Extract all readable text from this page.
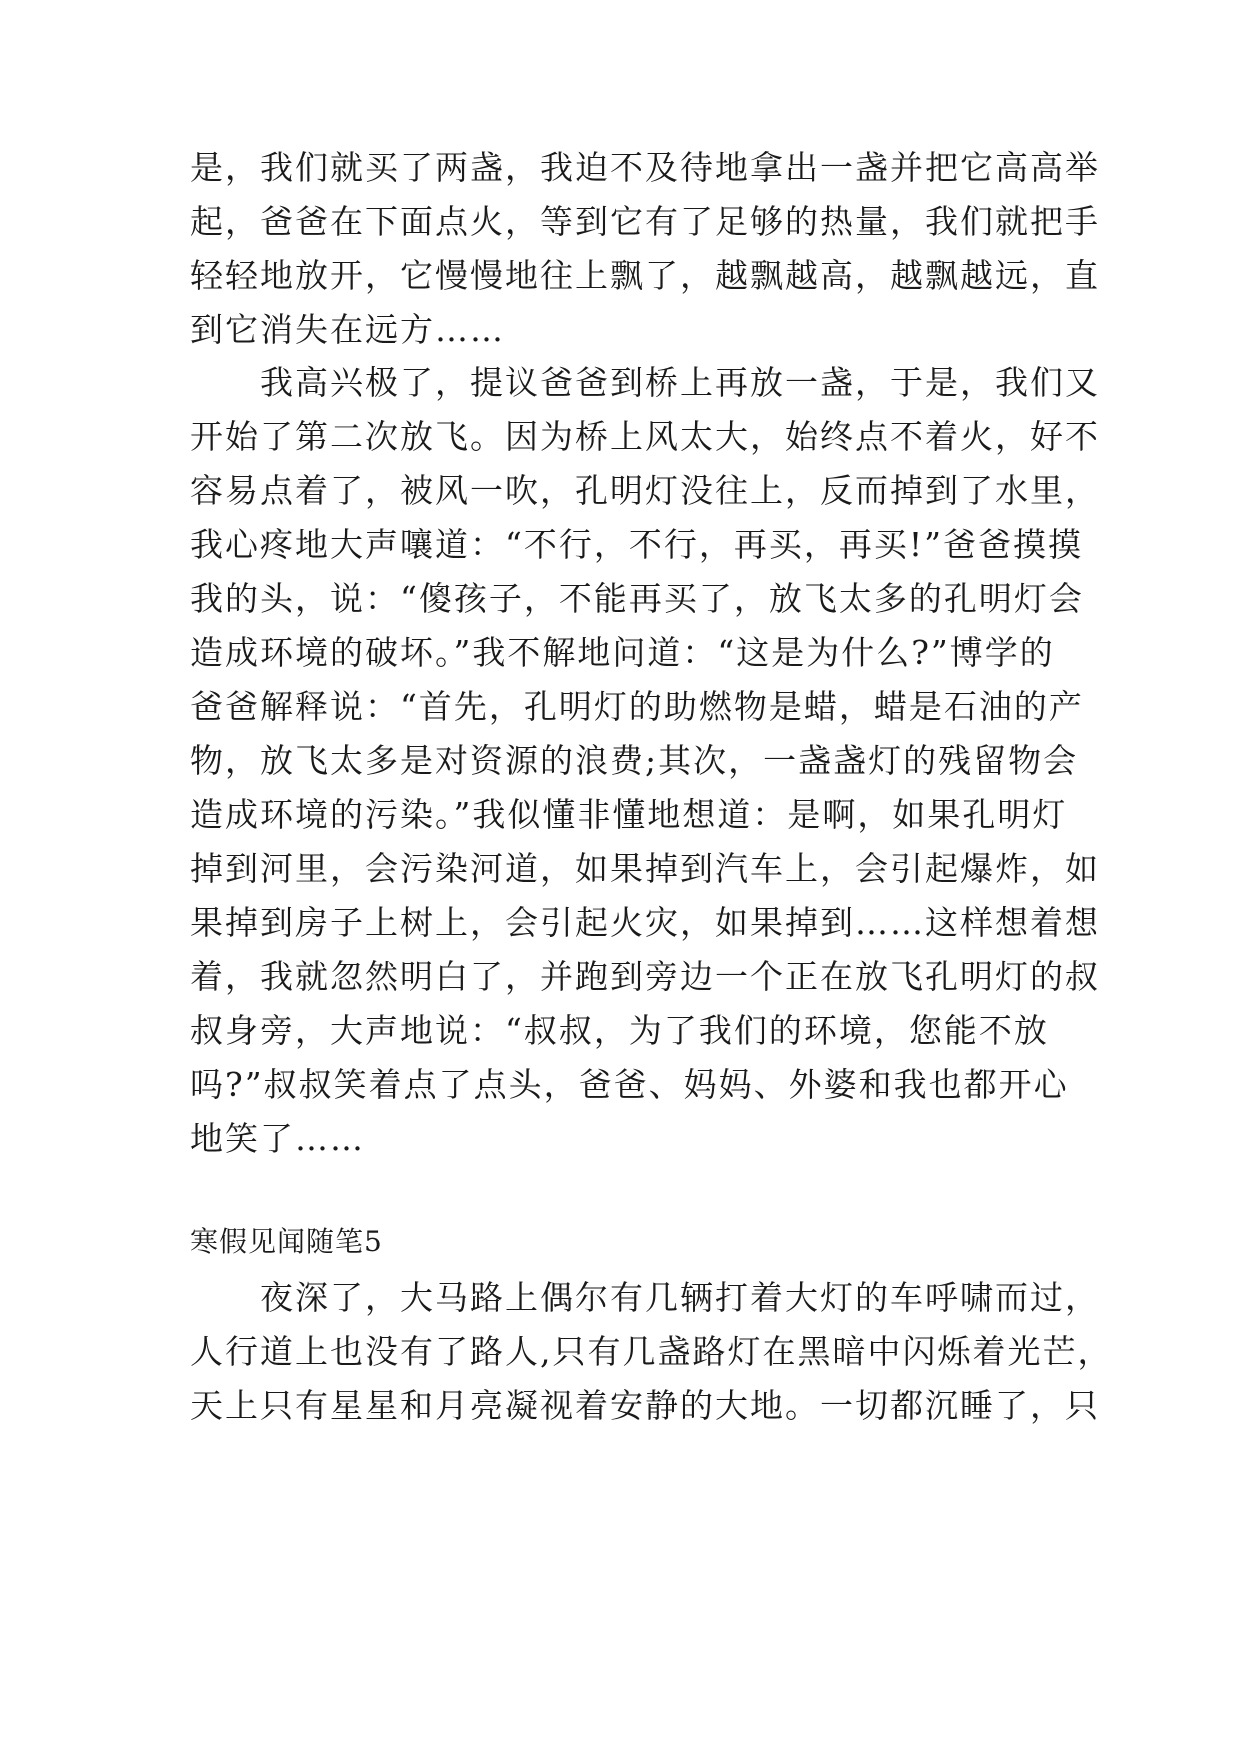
是，我们就买了两盏，我迫不及待地拿出一盏并把它高高举
起，爸爸在下面点火，等到它有了足够的热量，我们就把手
轻轻地放开，它慢慢地往上飘了，越飘越高，越飘越远，直
到它消失在远方……
我高兴极了，提议爸爸到桥上再放一盏，于是，我们又
开始了第二次放飞。因为桥上风太大，始终点不着火，好不
容易点着了，被风一吹，孔明灯没往上，反而掉到了水里，
我心疼地大声嚷道：“不行，不行，再买，再买!”爸爸摸摸
我的头，说：“傻孩子，不能再买了，放飞太多的孔明灯会
造成环境的破坏。”我不解地问道：“这是为什么?”博学的
爸爸解释说：“首先，孔明灯的助燃物是蜡，蜡是石油的产
物，放飞太多是对资源的浪费;其次，一盏盏灯的残留物会
造成环境的污染。”我似懂非懂地想道：是啊，如果孔明灯
掉到河里，会污染河道，如果掉到汽车上，会引起爆炸，如
果掉到房子上树上，会引起火灾，如果掉到……这样想着想
着，我就忽然明白了，并跑到旁边一个正在放飞孔明灯的叔
叔身旁，大声地说：“叔叔，为了我们的环境，您能不放
吗?”叔叔笑着点了点头，爸爸、妈妈、外婆和我也都开心
地笑了……
寒假见闻随笔5
夜深了，大马路上偶尔有几辆打着大灯的车呼啸而过，
人行道上也没有了路人,只有几盏路灯在黑暗中闪烁着光芒，
天上只有星星和月亮凝视着安静的大地。一切都沉睡了，只
